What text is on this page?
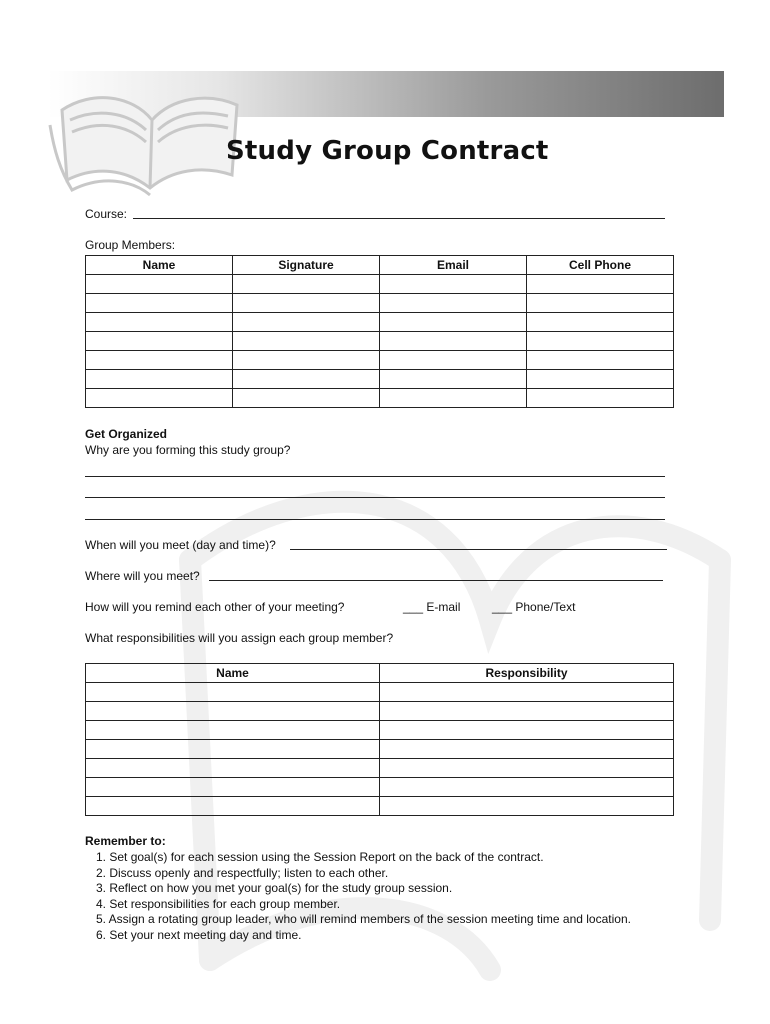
Study Group Contract
Course:
Group Members:
Name	Signature	Email	Cell Phone

Get Organized
Why are you forming this study group?
When will you meet (day and time)?
Where will you meet?
How will you remind each other of your meeting?	___ E-mail	___ Phone/Text
What responsibilities will you assign each group member?
Name	Responsibility

Remember to:
1. Set goal(s) for each session using the Session Report on the back of the contract.
2. Discuss openly and respectfully; listen to each other.
3. Reflect on how you met your goal(s) for the study group session.
4. Set responsibilities for each group member.
5. Assign a rotating group leader, who will remind members of the session meeting time and location.
6. Set your next meeting day and time.
